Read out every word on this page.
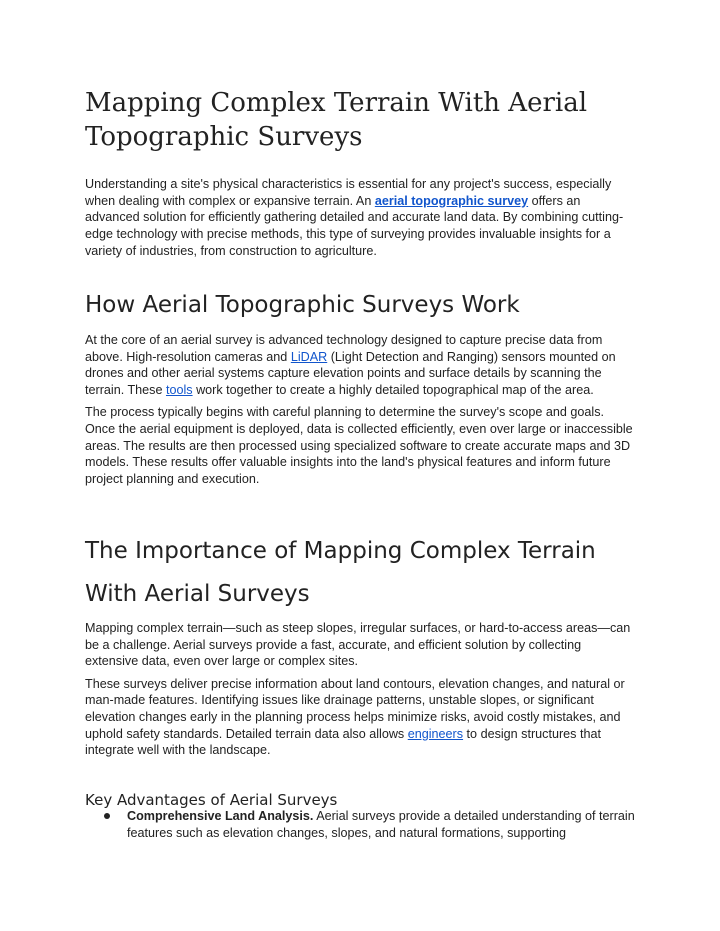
Mapping Complex Terrain With Aerial Topographic Surveys

Understanding a site's physical characteristics is essential for any project's success, especially when dealing with complex or expansive terrain. An aerial topographic survey offers an advanced solution for efficiently gathering detailed and accurate land data. By combining cutting-edge technology with precise methods, this type of surveying provides invaluable insights for a variety of industries, from construction to agriculture.

How Aerial Topographic Surveys Work

At the core of an aerial survey is advanced technology designed to capture precise data from above. High-resolution cameras and LiDAR (Light Detection and Ranging) sensors mounted on drones and other aerial systems capture elevation points and surface details by scanning the terrain. These tools work together to create a highly detailed topographical map of the area.

The process typically begins with careful planning to determine the survey's scope and goals. Once the aerial equipment is deployed, data is collected efficiently, even over large or inaccessible areas. The results are then processed using specialized software to create accurate maps and 3D models. These results offer valuable insights into the land's physical features and inform future project planning and execution.

The Importance of Mapping Complex Terrain
With Aerial Surveys

Mapping complex terrain—such as steep slopes, irregular surfaces, or hard-to-access areas—can be a challenge. Aerial surveys provide a fast, accurate, and efficient solution by collecting extensive data, even over large or complex sites.

These surveys deliver precise information about land contours, elevation changes, and natural or man-made features. Identifying issues like drainage patterns, unstable slopes, or significant elevation changes early in the planning process helps minimize risks, avoid costly mistakes, and uphold safety standards. Detailed terrain data also allows engineers to design structures that integrate well with the landscape.

Key Advantages of Aerial Surveys
Comprehensive Land Analysis. Aerial surveys provide a detailed understanding of terrain features such as elevation changes, slopes, and natural formations, supporting
